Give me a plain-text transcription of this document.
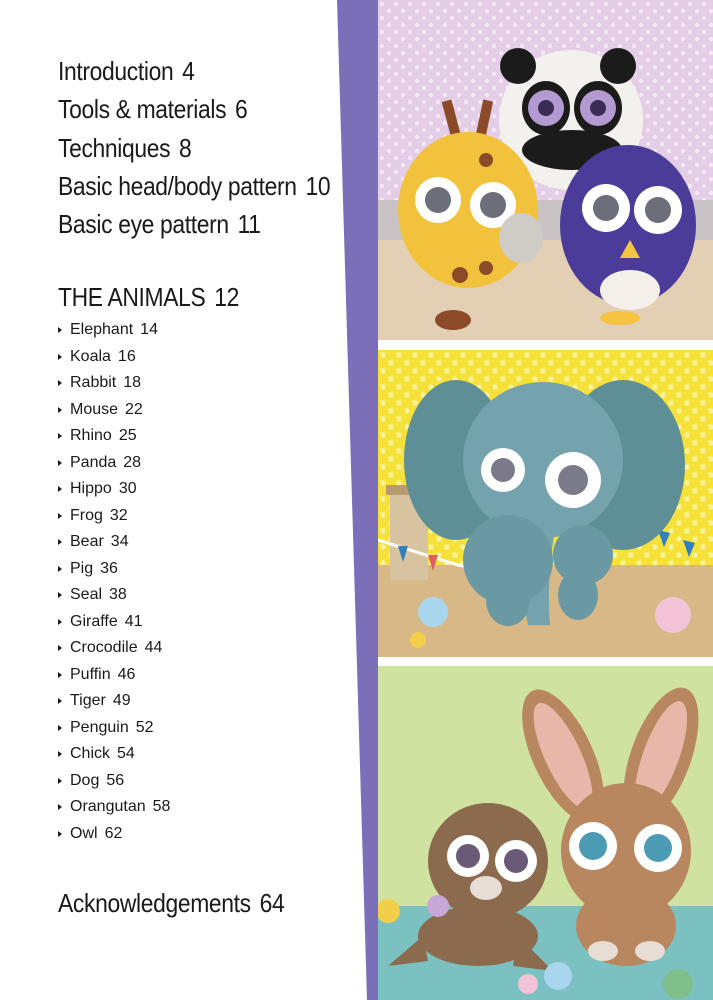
Introduction 4
Tools & materials 6
Techniques 8
Basic head/body pattern 10
Basic eye pattern 11
THE ANIMALS 12
Elephant 14
Koala 16
Rabbit 18
Mouse 22
Rhino 25
Panda 28
Hippo 30
Frog 32
Bear 34
Pig 36
Seal 38
Giraffe 41
Crocodile 44
Puffin 46
Tiger 49
Penguin 52
Chick 54
Dog 56
Orangutan 58
Owl 62
Acknowledgements 64
